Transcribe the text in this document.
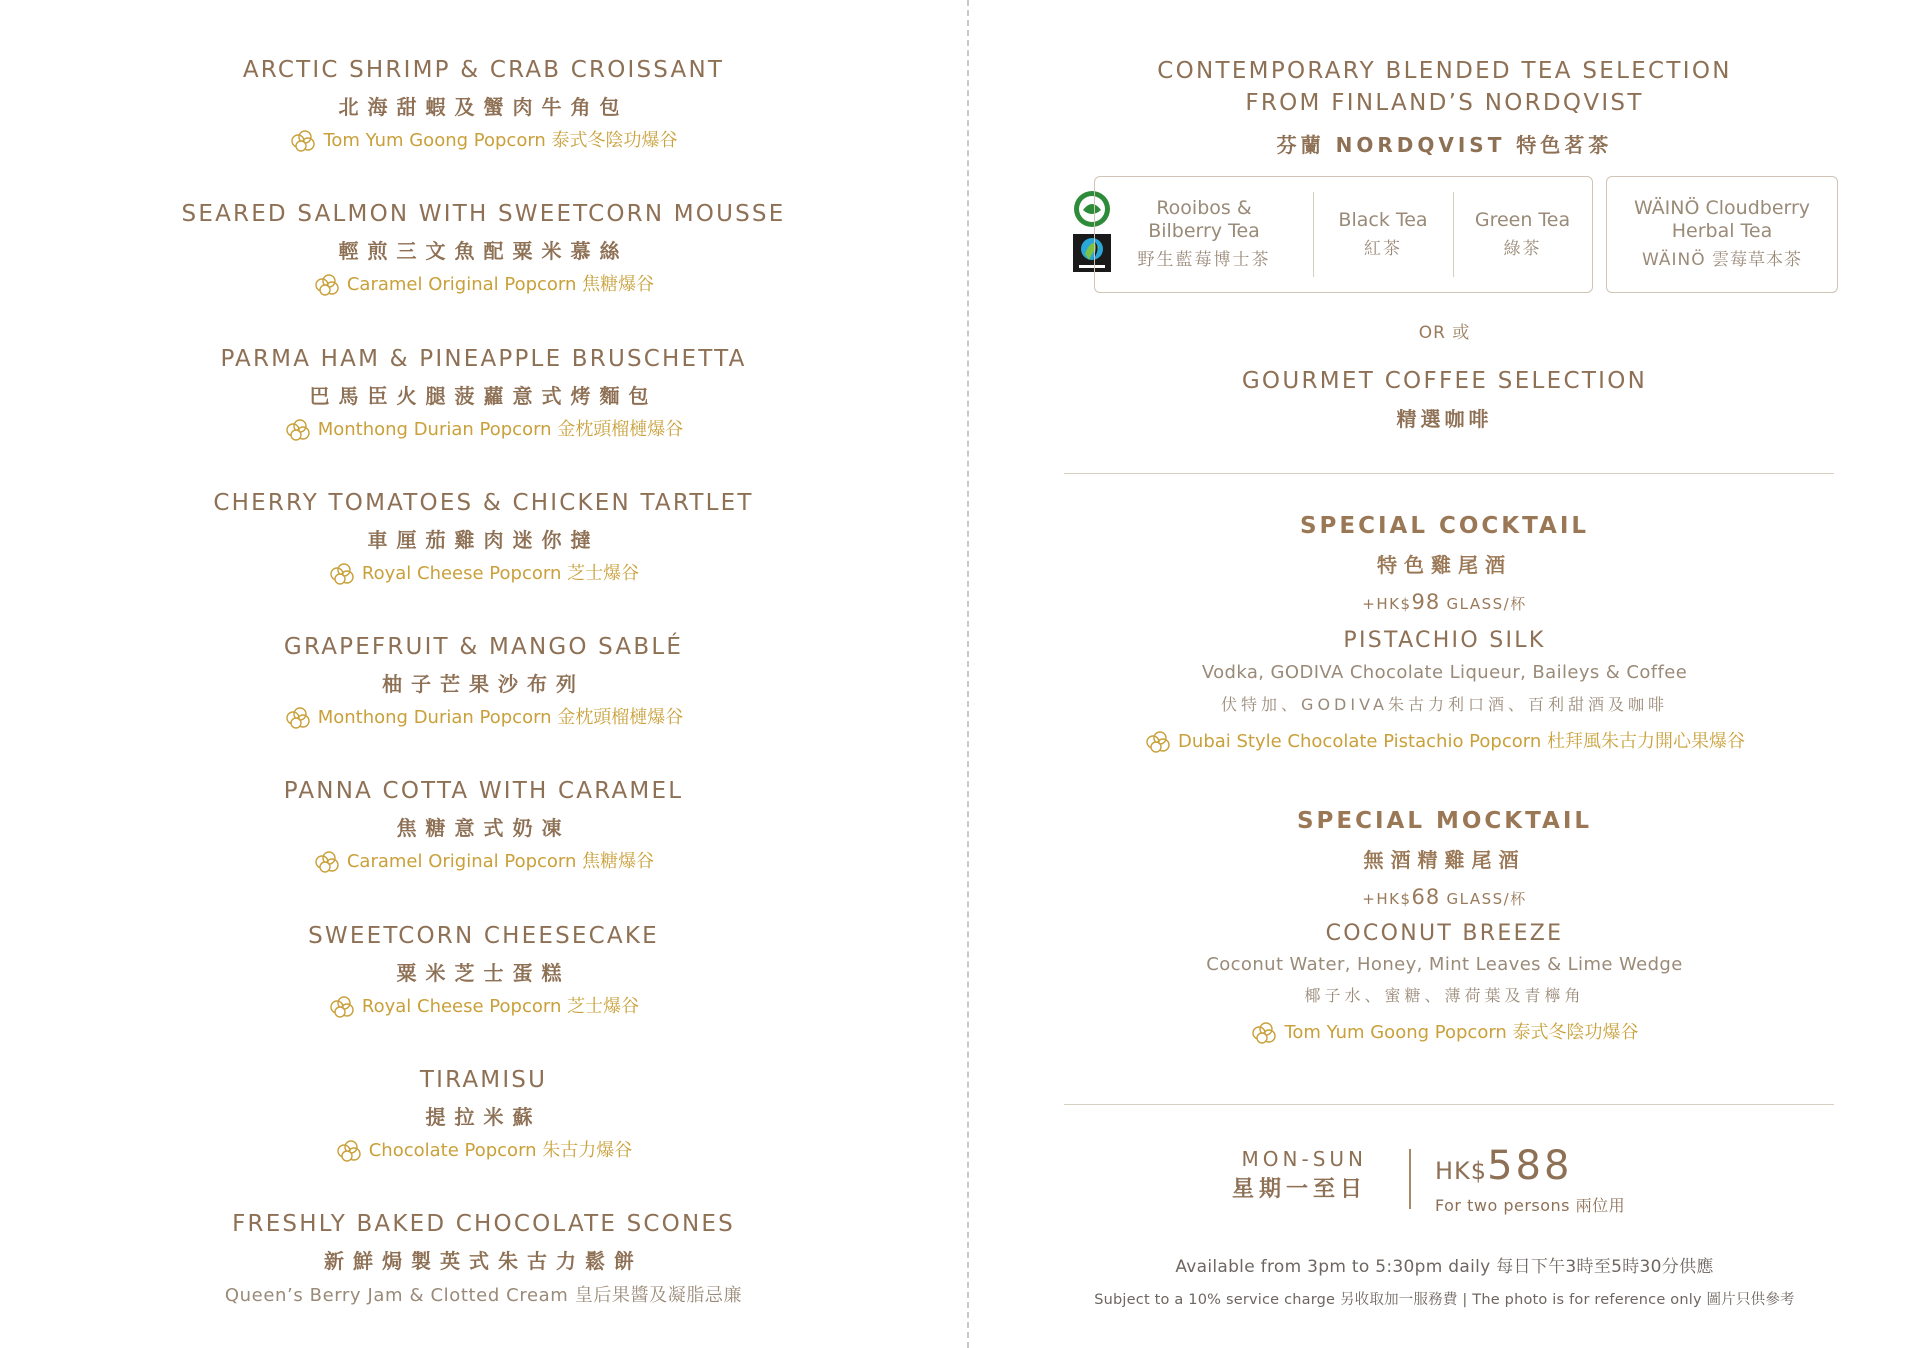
ARCTIC SHRIMP & CRAB CROISSANT
北海甜蝦及蟹肉牛角包
Tom Yum Goong Popcorn 泰式冬陰功爆谷
SEARED SALMON WITH SWEETCORN MOUSSE
輕煎三文魚配粟米慕絲
Caramel Original Popcorn 焦糖爆谷
PARMA HAM & PINEAPPLE BRUSCHETTA
巴馬臣火腿菠蘿意式烤麵包
Monthong Durian Popcorn 金枕頭榴槤爆谷
CHERRY TOMATOES & CHICKEN TARTLET
車厘茄雞肉迷你撻
Royal Cheese Popcorn 芝士爆谷
GRAPEFRUIT & MANGO SABLÉ
柚子芒果沙布列
Monthong Durian Popcorn 金枕頭榴槤爆谷
PANNA COTTA WITH CARAMEL
焦糖意式奶凍
Caramel Original Popcorn 焦糖爆谷
SWEETCORN CHEESECAKE
粟米芝士蛋糕
Royal Cheese Popcorn 芝士爆谷
TIRAMISU
提拉米蘇
Chocolate Popcorn 朱古力爆谷
FRESHLY BAKED CHOCOLATE SCONES
新鮮焗製英式朱古力鬆餅
Queen’s Berry Jam & Clotted Cream 皇后果醬及凝脂忌廉
CONTEMPORARY BLENDED TEA SELECTION
FROM FINLAND’S NORDQVIST
芬蘭 NORDQVIST 特色茗茶
Rooibos &
Bilberry Tea
野生藍莓博士茶
Black Tea
紅茶
Green Tea
綠茶
WÄINÖ Cloudberry
Herbal Tea
WÄINÖ 雲莓草本茶
OR 或
GOURMET COFFEE SELECTION
精選咖啡
SPECIAL COCKTAIL
特色雞尾酒
+HK$98 GLASS/杯
PISTACHIO SILK
Vodka, GODIVA Chocolate Liqueur, Baileys & Coffee
伏特加、GODIVA朱古力利口酒、百利甜酒及咖啡
Dubai Style Chocolate Pistachio Popcorn 杜拜風朱古力開心果爆谷
SPECIAL MOCKTAIL
無酒精雞尾酒
+HK$68 GLASS/杯
COCONUT BREEZE
Coconut Water, Honey, Mint Leaves & Lime Wedge
椰子水、蜜糖、薄荷葉及青檸角
Tom Yum Goong Popcorn 泰式冬陰功爆谷
MON-SUN
星期一至日
HK$588
For two persons 兩位用
Available from 3pm to 5:30pm daily 每日下午3時至5時30分供應
Subject to a 10% service charge 另收取加一服務費 | The photo is for reference only 圖片只供參考
